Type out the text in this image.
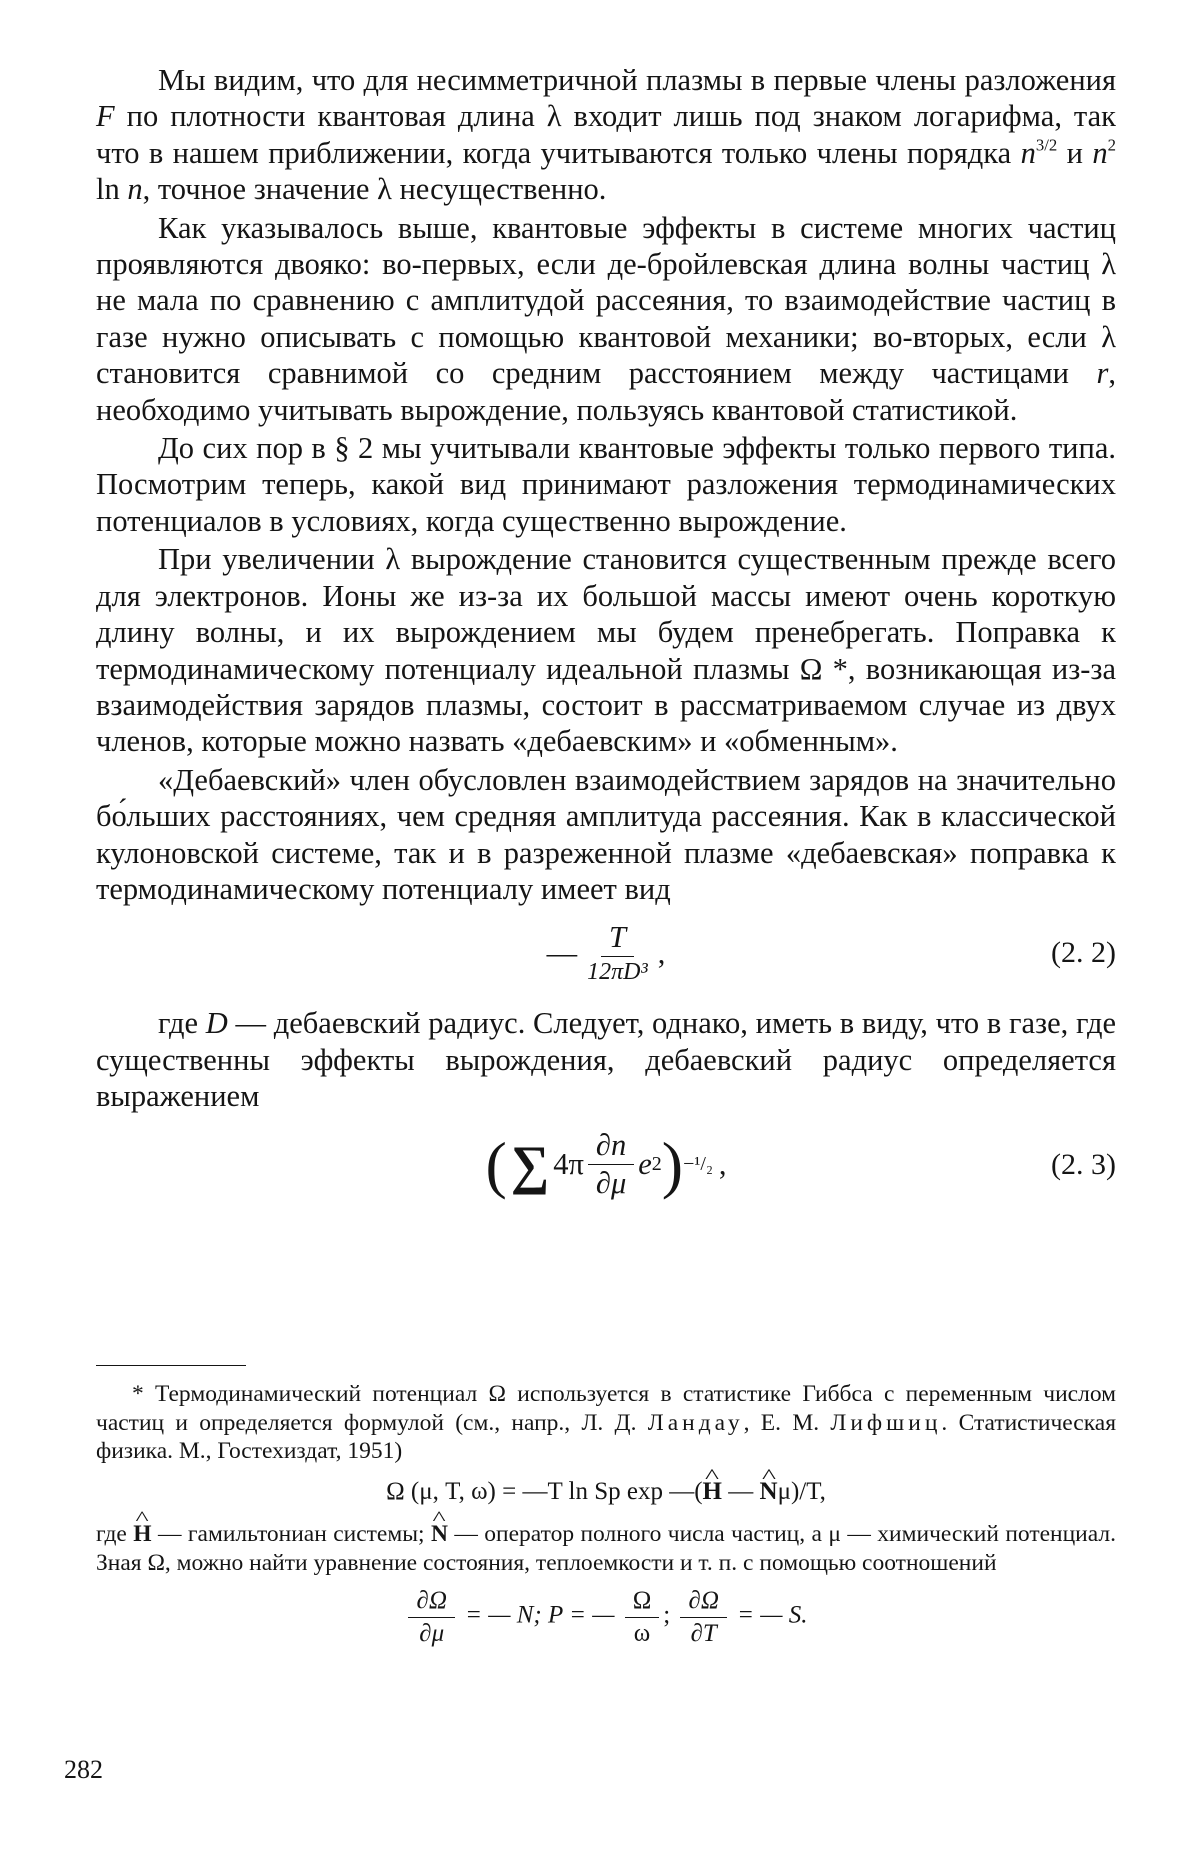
Мы видим, что для несимметричной плазмы в первые члены разложения F по плотности квантовая длина λ входит лишь под знаком логарифма, так что в нашем приближении, когда учитываются только члены порядка $n^{3/2}$ и $n^2$ ln n, точное значение λ несущественно.

Как указывалось выше, квантовые эффекты в системе многих частиц проявляются двояко: во-первых, если де-бройлевская длина волны частиц λ не мала по сравнению с амплитудой рассеяния, то взаимодействие частиц в газе нужно описывать с помощью квантовой механики; во-вторых, если λ становится сравнимой со средним расстоянием между частицами r, необходимо учитывать вырождение, пользуясь квантовой статистикой.

До сих пор в § 2 мы учитывали квантовые эффекты только первого типа. Посмотрим теперь, какой вид принимают разложения термодинамических потенциалов в условиях, когда существенно вырождение.

При увеличении λ вырождение становится существенным прежде всего для электронов. Ионы же из-за их большой массы имеют очень короткую длину волны, и их вырождением мы будем пренебрегать. Поправка к термодинамическому потенциалу идеальной плазмы Ω *, возникающая из-за взаимодействия зарядов плазмы, состоит в рассматриваемом случае из двух членов, которые можно назвать «дебаевским» и «обменным».

«Дебаевский» член обусловлен взаимодействием зарядов на значительно бо́льших расстояниях, чем средняя амплитуда рассеяния. Как в классической кулоновской системе, так и в разреженной плазме «дебаевская» поправка к термодинамическому потенциалу имеет вид

— $\frac{T}{\text{12πD³}}$ ,	(2. 2)

где D — дебаевский радиус. Следует, однако, иметь в виду, что в газе, где существенны эффекты вырождения, дебаевский радиус определяется выражением

( ∑ $4\pi \frac{\partial n}{\partial\mu}$ e 2 ) −¹/₂ ,	(2. 3)

* Термодинамический потенциал Ω используется в статистике Гиббса с переменным числом частиц и определяется формулой (см., напр., Л. Д. Ландау, Е. М. Лифшиц. Статистическая физика. М., Гостехиздат, 1951)

Ω (μ, T, ω) = —T ln Sp exp —(^ H — ^ Nμ)/T,

где ^ H — гамильтониан системы; ^ N — оператор полного числа частиц, а μ — химический потенциал. Зная Ω, можно найти уравнение состояния, теплоемкости и т. п. с помощью соотношений

$\frac{\partial\Omega}{\partial\mu}$ = — N; P = — $\frac{\Omega}{\omega}$ ; $\frac{\partial\Omega}{\partial T}$ = — S.
282
